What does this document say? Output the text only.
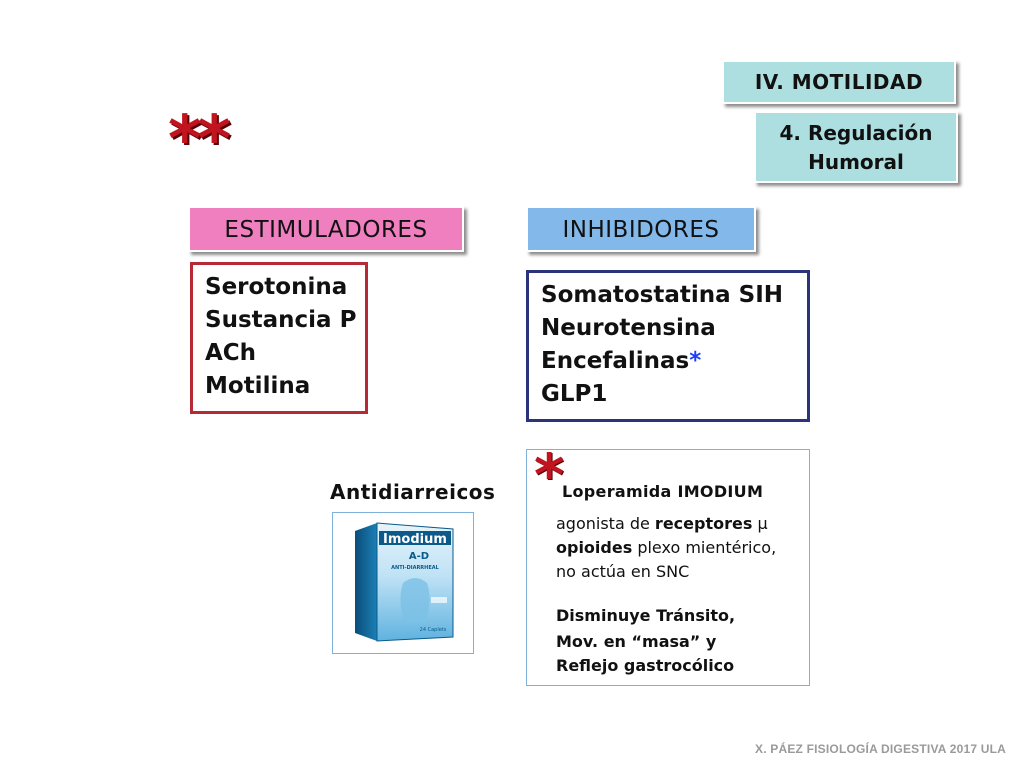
IV. MOTILIDAD
4. Regulación
Humoral
**
ESTIMULADORES	INHIBIDORES
Serotonina
Sustancia P
ACh
Motilina
Somatostatina SIH
Neurotensina
Encefalinas*
GLP1
Antidiarreicos
Imodium
A-D
ANTI-DIARRHEAL
24 Caplets
*
Loperamida IMODIUM
agonista de receptores µ
opioides plexo mientérico,
no actúa en SNC
Disminuye Tránsito,
Mov. en “masa” y
Reflejo gastrocólico
X. PÁEZ FISIOLOGÍA DIGESTIVA 2017 ULA
